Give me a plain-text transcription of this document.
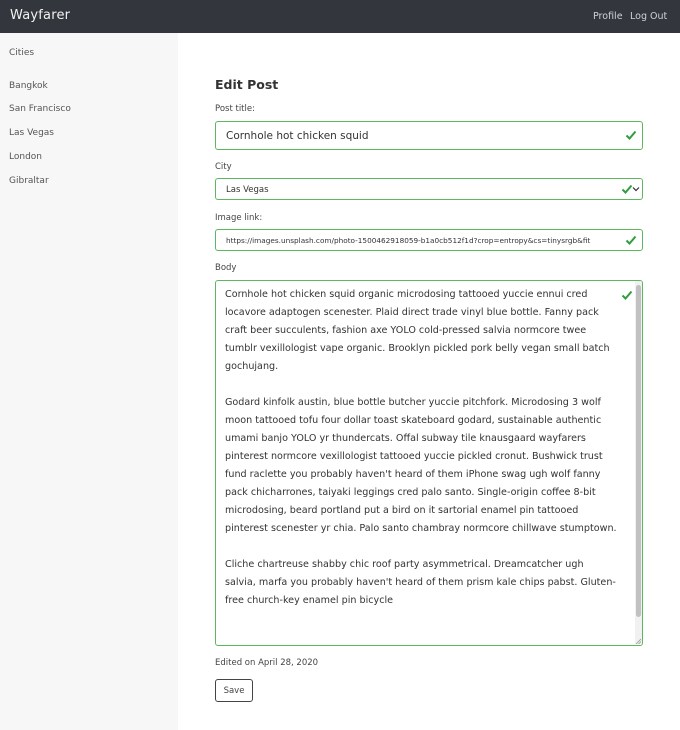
Wayfarer	Profile Log Out
Cities
Bangkok
San Francisco
Las Vegas
London
Gibraltar
Edit Post
Post title:
Cornhole hot chicken squid
City
Las Vegas
Image link:
https://images.unsplash.com/photo-1500462918059-b1a0cb512f1d?crop=entropy&cs=tinysrgb&fit
Body

Cornhole hot chicken squid organic microdosing tattooed yuccie ennui cred locavore adaptogen scenester. Plaid direct trade vinyl blue bottle. Fanny pack craft beer succulents, fashion axe YOLO cold-pressed salvia normcore twee tumblr vexillologist vape organic. Brooklyn pickled pork belly vegan small batch gochujang.

Godard kinfolk austin, blue bottle butcher yuccie pitchfork. Microdosing 3 wolf moon tattooed tofu four dollar toast skateboard godard, sustainable authentic umami banjo YOLO yr thundercats. Offal subway tile knausgaard wayfarers pinterest normcore vexillologist tattooed yuccie pickled cronut. Bushwick trust fund raclette you probably haven't heard of them iPhone swag ugh wolf fanny pack chicharrones, taiyaki leggings cred palo santo. Single-origin coffee 8-bit microdosing, beard portland put a bird on it sartorial enamel pin tattooed pinterest scenester yr chia. Palo santo chambray normcore chillwave stumptown.

Cliche chartreuse shabby chic roof party asymmetrical. Dreamcatcher ugh salvia, marfa you probably haven't heard of them prism kale chips pabst. Gluten-free church-key enamel pin bicycle

Edited on April 28, 2020
Save
